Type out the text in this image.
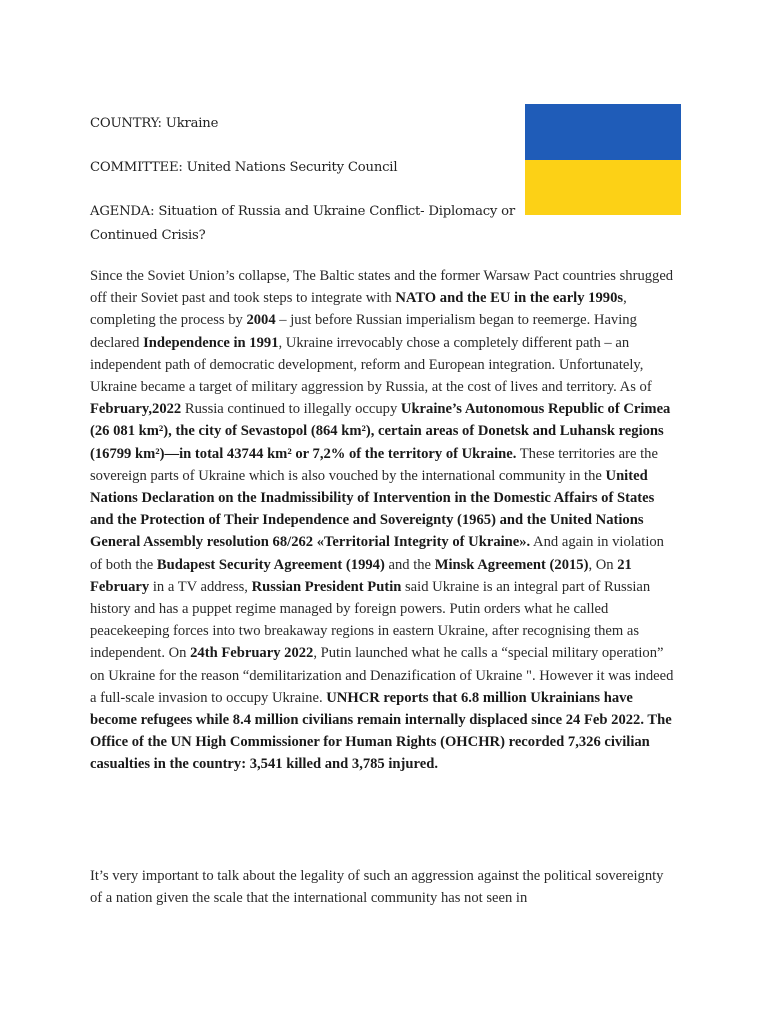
COUNTRY: Ukraine

COMMITTEE: United Nations Security Council

AGENDA: Situation of Russia and Ukraine Conflict- Diplomacy or Continued Crisis?

Since the Soviet Union’s collapse, The Baltic states and the former Warsaw Pact countries shrugged off their Soviet past and took steps to integrate with NATO and the EU in the early 1990s, completing the process by 2004 – just before Russian imperialism began to reemerge. Having declared Independence in 1991, Ukraine irrevocably chose a completely different path – an independent path of democratic development, reform and European integration. Unfortunately, Ukraine became a target of military aggression by Russia, at the cost of lives and territory. As of February,2022 Russia continued to illegally occupy Ukraine’s Autonomous Republic of Crimea (26 081 km²), the city of Sevastopol (864 km²), certain areas of Donetsk and Luhansk regions (16799 km²)—in total 43744 km² or 7,2% of the territory of Ukraine. These territories are the sovereign parts of Ukraine which is also vouched by the international community in the United Nations Declaration on the Inadmissibility of Intervention in the Domestic Affairs of States and the Protection of Their Independence and Sovereignty (1965) and the United Nations General Assembly resolution 68/262 «Territorial Integrity of Ukraine». And again in violation of both the Budapest Security Agreement (1994) and the Minsk Agreement (2015), On 21 February in a TV address, Russian President Putin said Ukraine is an integral part of Russian history and has a puppet regime managed by foreign powers. Putin orders what he called peacekeeping forces into two breakaway regions in eastern Ukraine, after recognising them as independent. On 24th February 2022, Putin launched what he calls a “special military operation” on Ukraine for the reason “demilitarization and Denazification of Ukraine ". However it was indeed a full-scale invasion to occupy Ukraine. UNHCR reports that 6.8 million Ukrainians have become refugees while 8.4 million civilians remain internally displaced since 24 Feb 2022. The Office of the UN High Commissioner for Human Rights (OHCHR) recorded 7,326 civilian casualties in the country: 3,541 killed and 3,785 injured.

It’s very important to talk about the legality of such an aggression against the political sovereignty of a nation given the scale that the international community has not seen in
